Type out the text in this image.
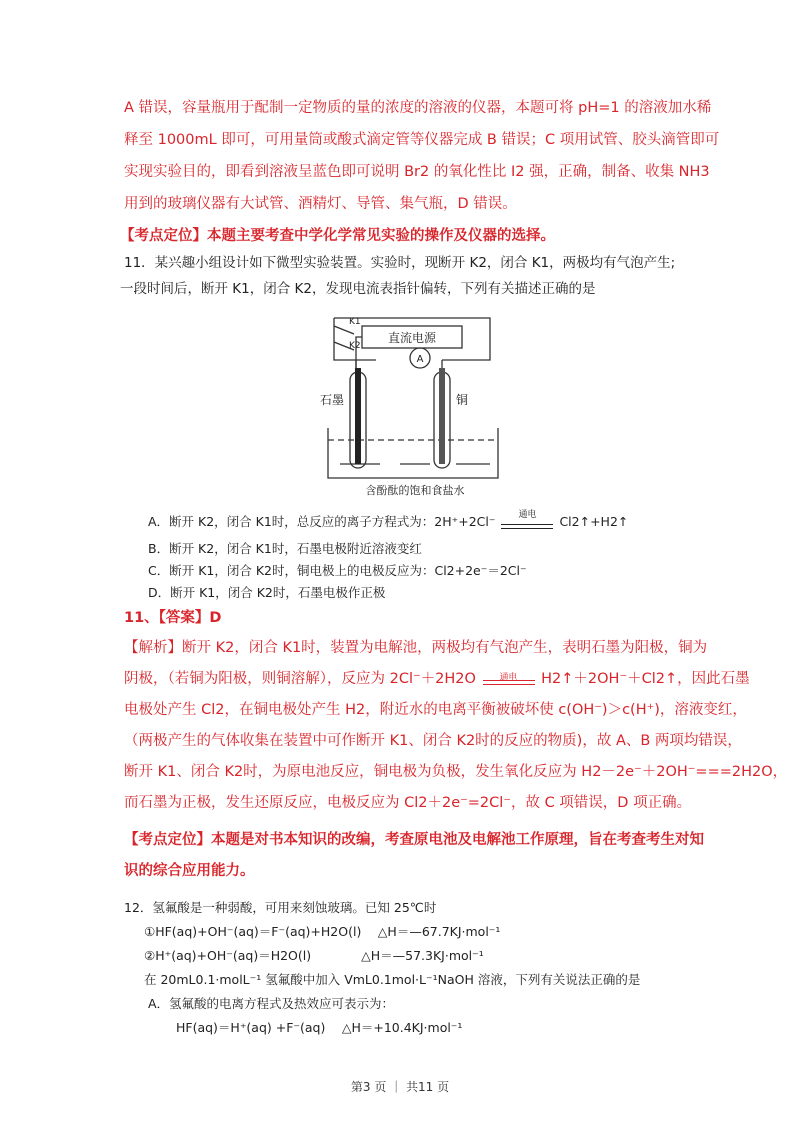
A 错误，容量瓶用于配制一定物质的量的浓度的溶液的仪器，本题可将 pH=1 的溶液加水稀
释至 1000mL 即可，可用量筒或酸式滴定管等仪器完成 B 错误；C 项用试管、胶头滴管即可
实现实验目的，即看到溶液呈蓝色即可说明 Br2 的氧化性比 I2 强，正确，制备、收集 NH3
用到的玻璃仪器有大试管、酒精灯、导管、集气瓶，D 错误。
【考点定位】本题主要考查中学化学常见实验的操作及仪器的选择。
11．某兴趣小组设计如下微型实验装置。实验时，现断开 K2，闭合 K1，两极均有气泡产生;
一段时间后，断开 K1，闭合 K2，发现电流表指针偏转，下列有关描述正确的是
K1
K2
直流电源
A
石墨	铜
含酚酞的饱和食盐水
A．断开 K2，闭合 K1时，总反应的离子方程式为：2H⁺+2Cl⁻	通电	Cl2↑+H2↑
B．断开 K2，闭合 K1时，石墨电极附近溶液变红
C．断开 K1，闭合 K2时，铜电极上的电极反应为：Cl2+2e⁻＝2Cl⁻
D．断开 K1，闭合 K2时，石墨电极作正极
11、【答案】D
【解析】断开 K2，闭合 K1时，装置为电解池，两极均有气泡产生，表明石墨为阳极，铜为
阴极，（若铜为阳极，则铜溶解），反应为 2Cl⁻＋2H2O	通电	H2↑＋2OH⁻＋Cl2↑，因此石墨
电极处产生 Cl2，在铜电极处产生 H2，附近水的电离平衡被破坏使 c(OH⁻)＞c(H⁺)，溶液变红，
（两极产生的气体收集在装置中可作断开 K1、闭合 K2时的反应的物质)，故 A、B 两项均错误，
断开 K1、闭合 K2时，为原电池反应，铜电极为负极，发生氧化反应为 H2－2e⁻＋2OH⁻===2H2O，
而石墨为正极，发生还原反应，电极反应为 Cl2＋2e⁻=2Cl⁻，故 C 项错误，D 项正确。
【考点定位】本题是对书本知识的改编，考查原电池及电解池工作原理，旨在考查考生对知
识的综合应用能力。
12．氢氟酸是一种弱酸，可用来刻蚀玻璃。已知 25℃时
①HF(aq)+OH⁻(aq)＝F⁻(aq)+H2O(l)　 △H＝—67.7KJ·mol⁻¹
②H⁺(aq)+OH⁻(aq)＝H2O(l)　　　　△H＝—57.3KJ·mol⁻¹
在 20mL0.1·molL⁻¹ 氢氟酸中加入 VmL0.1mol·L⁻¹NaOH 溶液，下列有关说法正确的是
A．氢氟酸的电离方程式及热效应可表示为：
HF(aq)＝H⁺(aq) +F⁻(aq)　 △H＝+10.4KJ·mol⁻¹
第3 页 ｜ 共11 页
